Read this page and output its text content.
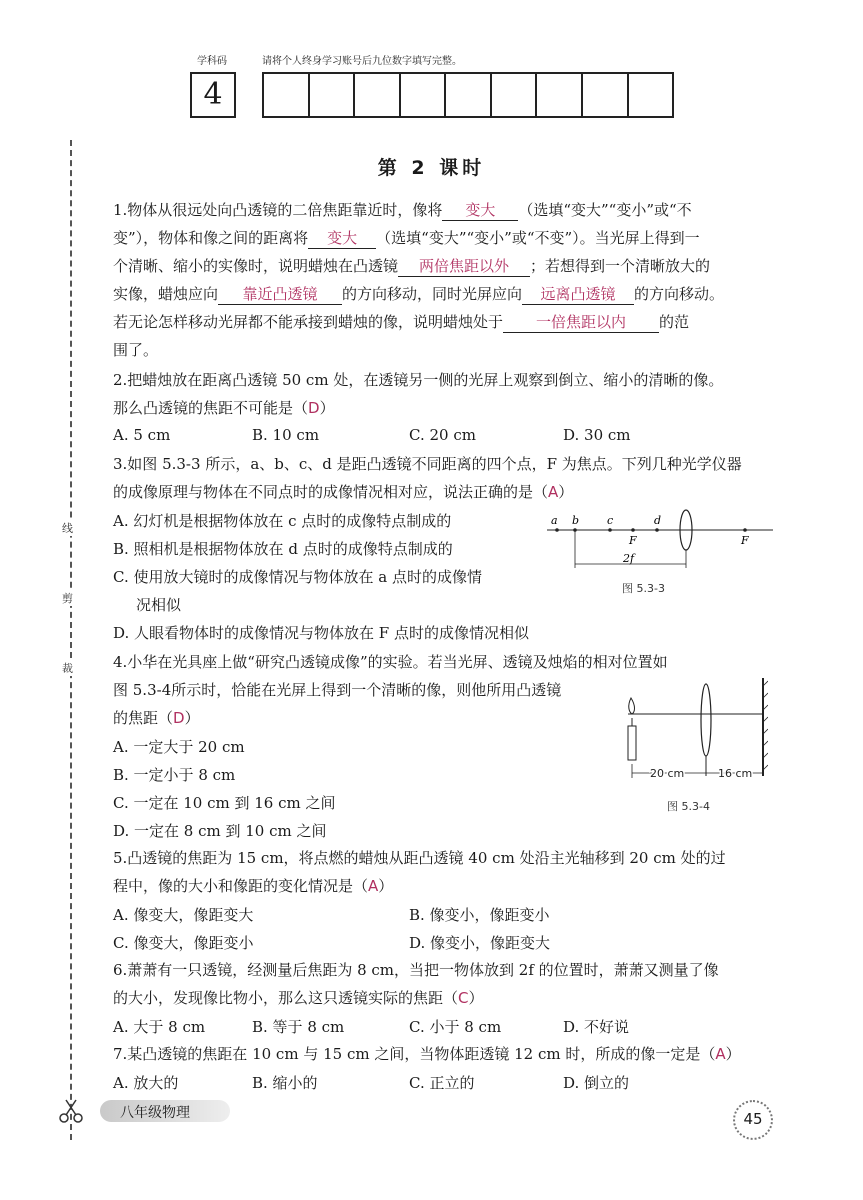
学科码	请将个人终身学习账号后九位数字填写完整。
4
线
剪
裁
第 2 课时
1.物体从很远处向凸透镜的二倍焦距靠近时，像将 变大 （选填“变大”“变小”或“不
变”），物体和像之间的距离将 变大 （选填“变大”“变小”或“不变”）。当光屏上得到一
个清晰、缩小的实像时，说明蜡烛在凸透镜 两倍焦距以外 ；若想得到一个清晰放大的
实像，蜡烛应向 靠近凸透镜 的方向移动，同时光屏应向 远离凸透镜 的方向移动。
若无论怎样移动光屏都不能承接到蜡烛的像，说明蜡烛处于 一倍焦距以内 的范
围了。
2.把蜡烛放在距离凸透镜 50 cm 处，在透镜另一侧的光屏上观察到倒立、缩小的清晰的像。
那么凸透镜的焦距不可能是（D）
A. 5 cm	B. 10 cm	C. 20 cm	D. 30 cm
3.如图 5.3-3 所示，a、b、c、d 是距凸透镜不同距离的四个点，F 为焦点。下列几种光学仪器
的成像原理与物体在不同点时的成像情况相对应，说法正确的是（A）
A. 幻灯机是根据物体放在 c 点时的成像特点制成的
B. 照相机是根据物体放在 d 点时的成像特点制成的
C. 使用放大镜时的成像情况与物体放在 a 点时的成像情
况相似
D. 人眼看物体时的成像情况与物体放在 F 点时的成像情况相似
a b	c
F
d
F
2f
图 5.3-3
4.小华在光具座上做“研究凸透镜成像”的实验。若当光屏、透镜及烛焰的相对位置如
图 5.3-4所示时，恰能在光屏上得到一个清晰的像，则他所用凸透镜
的焦距（D）
A. 一定大于 20 cm
B. 一定小于 8 cm
C. 一定在 10 cm 到 16 cm 之间
D. 一定在 8 cm 到 10 cm 之间
20 cm	16 cm
图 5.3-4
5.凸透镜的焦距为 15 cm，将点燃的蜡烛从距凸透镜 40 cm 处沿主光轴移到 20 cm 处的过
程中，像的大小和像距的变化情况是（A）
A. 像变大，像距变大	B. 像变小，像距变小
C. 像变大，像距变小	D. 像变小，像距变大
6.萧萧有一只透镜，经测量后焦距为 8 cm，当把一物体放到 2f 的位置时，萧萧又测量了像
的大小，发现像比物小，那么这只透镜实际的焦距（C）
A. 大于 8 cm	B. 等于 8 cm	C. 小于 8 cm	D. 不好说
7.某凸透镜的焦距在 10 cm 与 15 cm 之间，当物体距透镜 12 cm 时，所成的像一定是（A）
A. 放大的	B. 缩小的	C. 正立的	D. 倒立的
八年级物理	45
